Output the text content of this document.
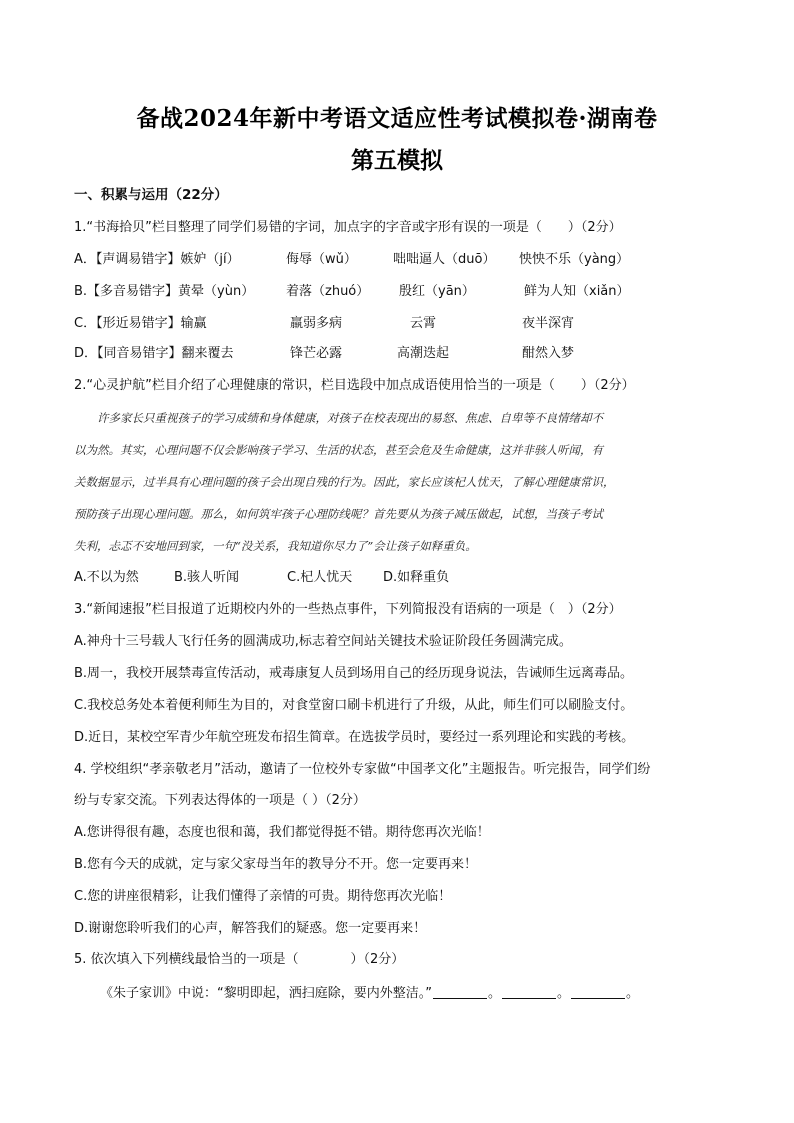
备战2024年新中考语文适应性考试模拟卷·湖南卷
第五模拟
一、积累与运用（22分）
1.“书海拾贝”栏目整理了同学们易错的字词，加点字的字音或字形有误的一项是（　　）（2分）
A．【声调易错字】嫉妒（jí）	侮辱（wǔ）	咄咄逼人（duō） 怏怏不乐（yàng）
B.【多音易错字】黄晕（yùn） 着落（zhuó） 殷红（yān）	鲜为人知（xiǎn）
C．【形近易错字】输赢	羸弱多病	云霄	夜半深宵
D．【同音易错字】翻来覆去	锋芒必露	高潮迭起	酣然入梦
2.“心灵护航”栏目介绍了心理健康的常识，栏目选段中加点成语使用恰当的一项是（　　）（2分）
　　许多家长只重视孩子的学习成绩和身体健康，对孩子在校表现出的易怒、焦虑、自卑等不良情绪却不
以为然。其实，心理问题不仅会影响孩子学习、生活的状态，甚至会危及生命健康，这并非骇人听闻，有
关数据显示，过半具有心理问题的孩子会出现自残的行为。因此，家长应该杞人忧天，了解心理健康常识，
预防孩子出现心理问题。那么，如何筑牢孩子心理防线呢？首先要从为孩子减压做起，试想，当孩子考试
失利，忐忑不安地回到家，一句“没关系，我知道你尽力了”会让孩子如释重负。
A.不以为然	B.骇人听闻	C.杞人忧天 D.如释重负
3.“新闻速报”栏目报道了近期校内外的一些热点事件，下列简报没有语病的一项是（　）（2分）
A.神舟十三号载人飞行任务的圆满成功,标志着空间站关键技术验证阶段任务圆满完成。
B.周一，我校开展禁毒宣传活动，戒毒康复人员到场用自己的经历现身说法，告诫师生远离毒品。
C.我校总务处本着便利师生为目的，对食堂窗口刷卡机进行了升级，从此，师生们可以刷脸支付。
D.近日，某校空军青少年航空班发布招生简章。在选拔学员时，要经过一系列理论和实践的考核。
4. 学校组织“孝亲敬老月”活动，邀请了一位校外专家做“中国孝文化”主题报告。听完报告，同学们纷
纷与专家交流。下列表达得体的一项是（ ）（2分）
A.您讲得很有趣，态度也很和蔼，我们都觉得挺不错。期待您再次光临！
B.您有今天的成就，定与家父家母当年的教导分不开。您一定要再来！
C.您的讲座很精彩，让我们懂得了亲情的可贵。期待您再次光临！
D.谢谢您聆听我们的心声，解答我们的疑惑。您一定要再来！
5. 依次填入下列横线最恰当的一项是（　　　　）（2分）
《朱子家训》中说：“黎明即起，洒扫庭除，要内外整洁。”	。	。	。
